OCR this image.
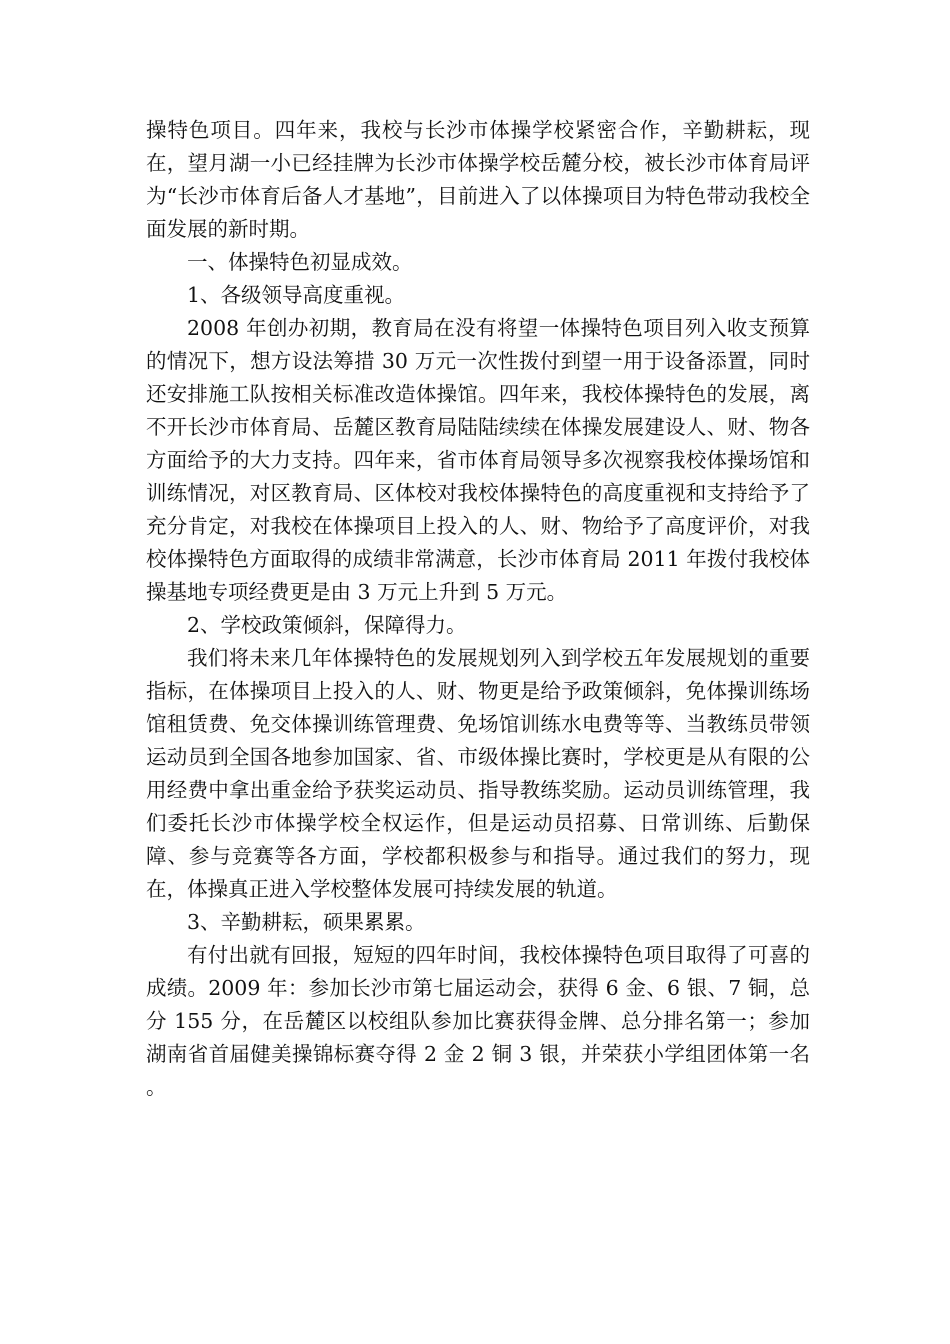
操特色项目。四年来，我校与长沙市体操学校紧密合作，辛勤耕耘，现在，望月湖一小已经挂牌为长沙市体操学校岳麓分校，被长沙市体育局评为“长沙市体育后备人才基地”，目前进入了以体操项目为特色带动我校全面发展的新时期。

一、体操特色初显成效。

1、各级领导高度重视。

2008 年创办初期，教育局在没有将望一体操特色项目列入收支预算的情况下，想方设法筹措 30 万元一次性拨付到望一用于设备添置，同时还安排施工队按相关标准改造体操馆。四年来，我校体操特色的发展，离不开长沙市体育局、岳麓区教育局陆陆续续在体操发展建设人、财、物各方面给予的大力支持。四年来，省市体育局领导多次视察我校体操场馆和训练情况，对区教育局、区体校对我校体操特色的高度重视和支持给予了充分肯定，对我校在体操项目上投入的人、财、物给予了高度评价，对我校体操特色方面取得的成绩非常满意，长沙市体育局 2011 年拨付我校体操基地专项经费更是由 3 万元上升到 5 万元。

2、学校政策倾斜，保障得力。

我们将未来几年体操特色的发展规划列入到学校五年发展规划的重要指标，在体操项目上投入的人、财、物更是给予政策倾斜，免体操训练场馆租赁费、免交体操训练管理费、免场馆训练水电费等等、当教练员带领运动员到全国各地参加国家、省、市级体操比赛时，学校更是从有限的公用经费中拿出重金给予获奖运动员、指导教练奖励。运动员训练管理，我们委托长沙市体操学校全权运作，但是运动员招募、日常训练、后勤保障、参与竞赛等各方面，学校都积极参与和指导。通过我们的努力，现在，体操真正进入学校整体发展可持续发展的轨道。

3、辛勤耕耘，硕果累累。

有付出就有回报，短短的四年时间，我校体操特色项目取得了可喜的成绩。2009 年：参加长沙市第七届运动会，获得 6 金、6 银、7 铜，总分 155 分，在岳麓区以校组队参加比赛获得金牌、总分排名第一；参加湖南省首届健美操锦标赛夺得 2 金 2 铜 3 银，并荣获小学组团体第一名 。
